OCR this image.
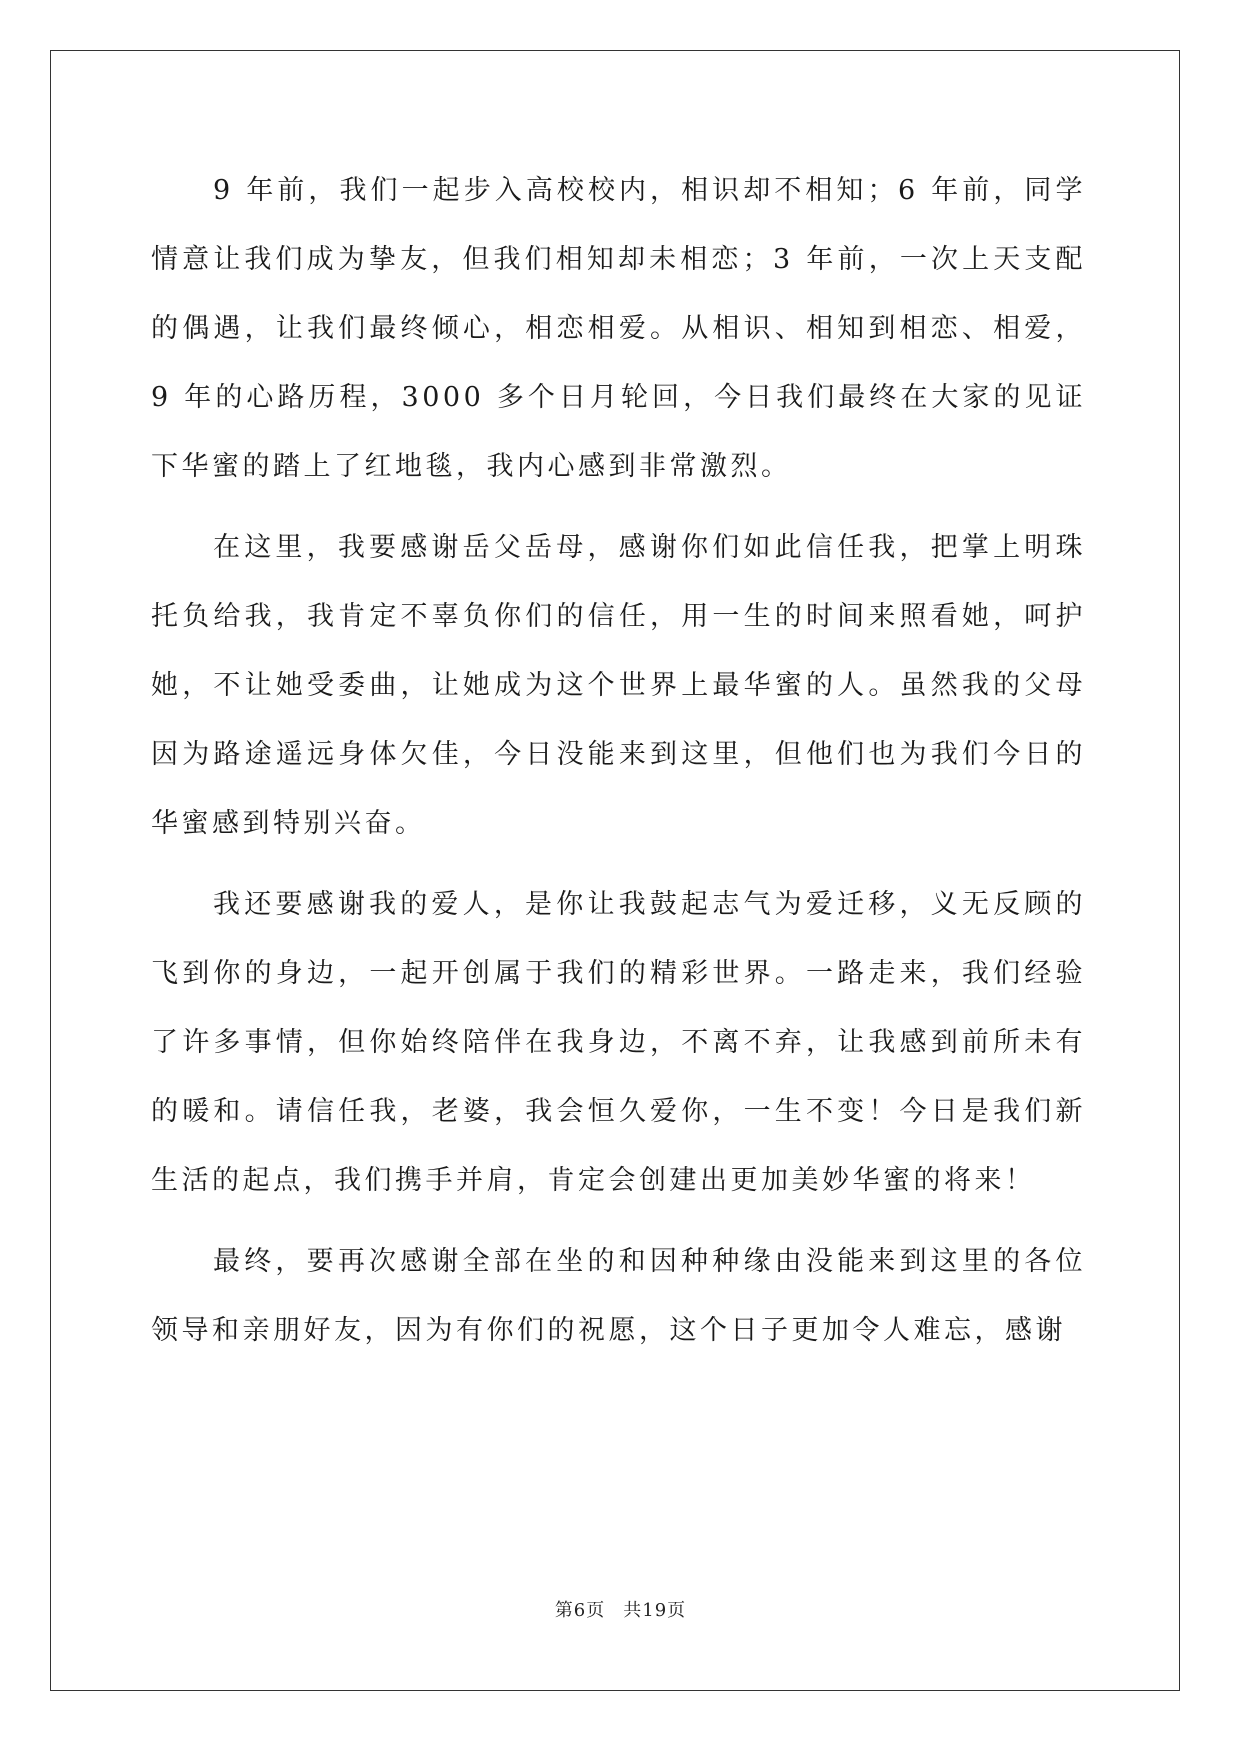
9 年前，我们一起步入高校校内，相识却不相知；6 年前，同学情意让我们成为挚友，但我们相知却未相恋；3 年前，一次上天支配的偶遇，让我们最终倾心，相恋相爱。从相识、相知到相恋、相爱，9 年的心路历程，3000 多个日月轮回，今日我们最终在大家的见证下华蜜的踏上了红地毯，我内心感到非常激烈。

在这里，我要感谢岳父岳母，感谢你们如此信任我，把掌上明珠托负给我，我肯定不辜负你们的信任，用一生的时间来照看她，呵护她，不让她受委曲，让她成为这个世界上最华蜜的人。虽然我的父母因为路途遥远身体欠佳，今日没能来到这里，但他们也为我们今日的华蜜感到特别兴奋。

我还要感谢我的爱人，是你让我鼓起志气为爱迁移，义无反顾的飞到你的身边，一起开创属于我们的精彩世界。一路走来，我们经验了许多事情，但你始终陪伴在我身边，不离不弃，让我感到前所未有的暖和。请信任我，老婆，我会恒久爱你，一生不变！今日是我们新生活的起点，我们携手并肩，肯定会创建出更加美妙华蜜的将来！

最终，要再次感谢全部在坐的和因种种缘由没能来到这里的各位领导和亲朋好友，因为有你们的祝愿，这个日子更加令人难忘，感谢

第6页 共19页
